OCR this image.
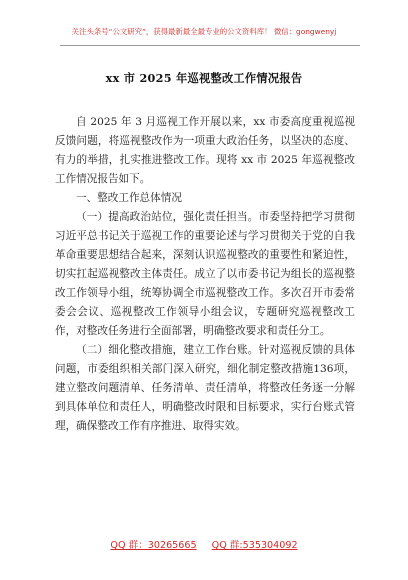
关注头条号“公文研究”，获得最新最全最专业的公文资料库！ 微信：gongwenyj
xx 市 2025 年巡视整改工作情况报告

自 2025 年 3 月巡视工作开展以来，xx 市委高度重视巡视反馈问题，将巡视整改作为一项重大政治任务，以坚决的态度、有力的举措，扎实推进整改工作。现将 xx 市 2025 年巡视整改工作情况报告如下。

一、整改工作总体情况

（一）提高政治站位，强化责任担当。市委坚持把学习贯彻习近平总书记关于巡视工作的重要论述与学习贯彻关于党的自我革命重要思想结合起来，深刻认识巡视整改的重要性和紧迫性，切实扛起巡视整改主体责任。成立了以市委书记为组长的巡视整改工作领导小组，统筹协调全市巡视整改工作。多次召开市委常委会会议、巡视整改工作领导小组会议，专题研究巡视整改工作，对整改任务进行全面部署，明确整改要求和责任分工。

（二）细化整改措施，建立工作台账。针对巡视反馈的具体问题，市委组织相关部门深入研究，细化制定整改措施136项，建立整改问题清单、任务清单、责任清单，将整改任务逐一分解到具体单位和责任人，明确整改时限和目标要求，实行台账式管理，确保整改工作有序推进、取得实效。

QQ 群：30265665 QQ 群:535304092
